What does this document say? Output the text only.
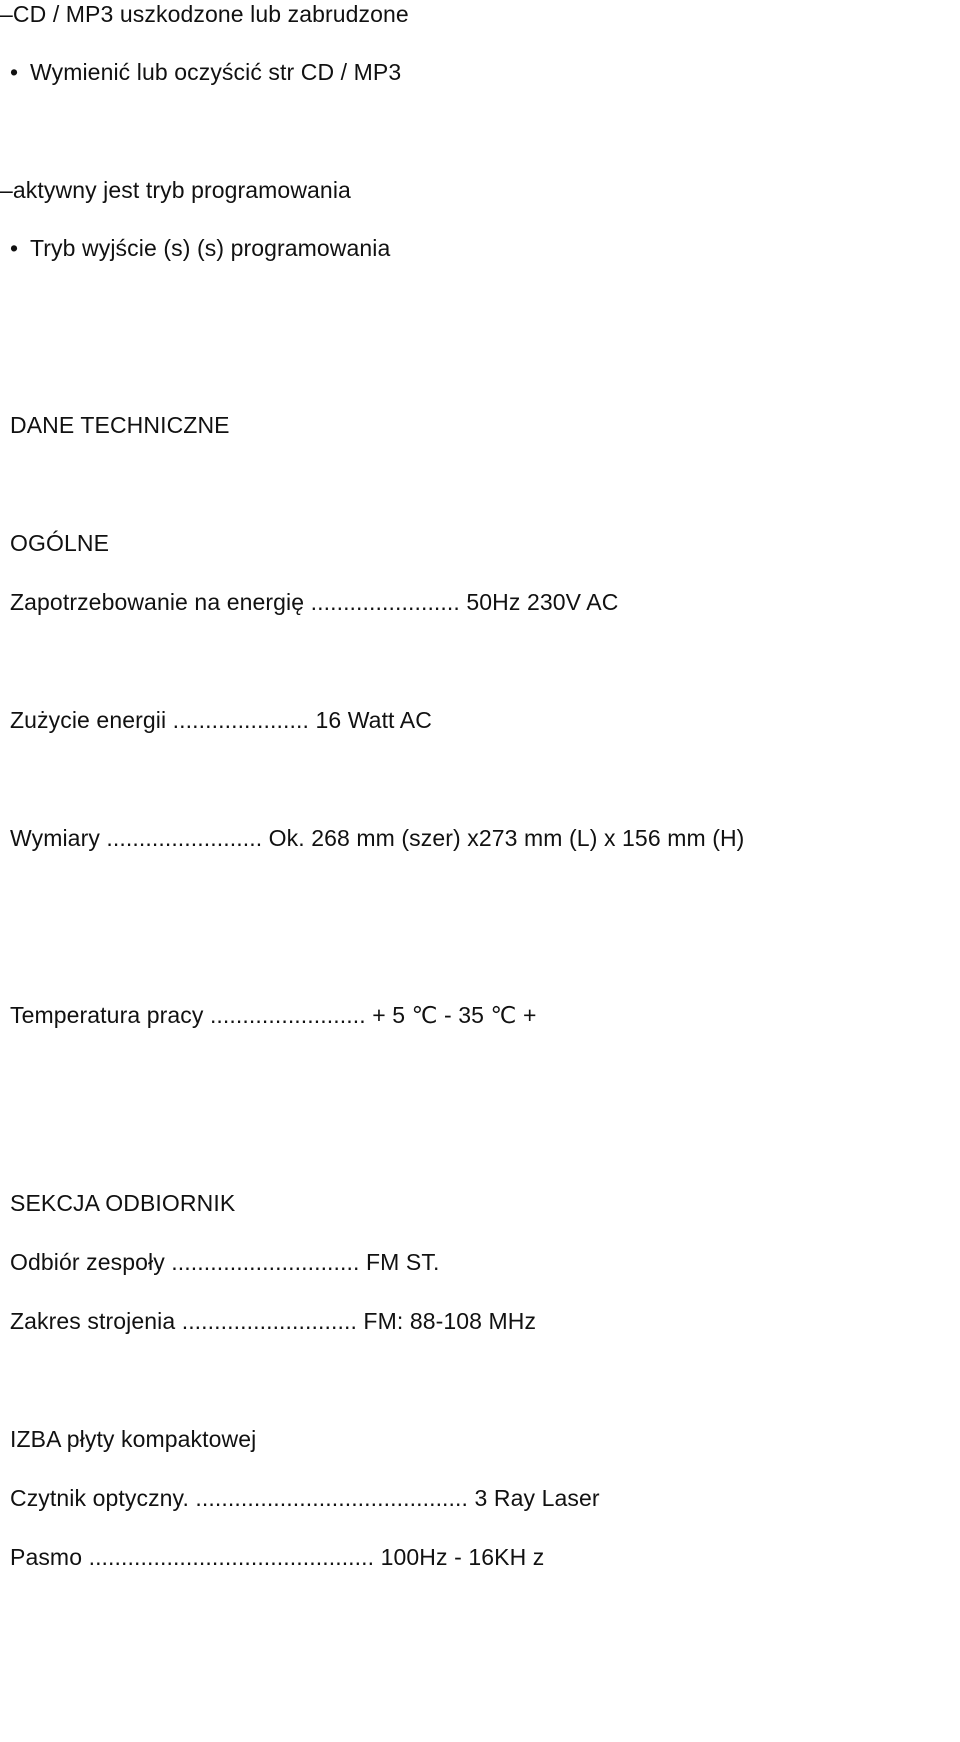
–CD / MP3 uszkodzone lub zabrudzone
• Wymienić lub oczyścić str CD / MP3
–aktywny jest tryb programowania
• Tryb wyjście (s) (s) programowania
DANE TECHNICZNE
OGÓLNE
Zapotrzebowanie na energię ....................... 50Hz 230V AC
Zużycie energii ..................... 16 Watt AC
Wymiary ........................ Ok. 268 mm (szer) x273 mm (L) x 156 mm (H)
Temperatura pracy ........................ + 5 ℃ - 35 ℃ +
SEKCJA ODBIORNIK
Odbiór zespoły ............................. FM ST.
Zakres strojenia ........................... FM: 88-108 MHz
IZBA płyty kompaktowej
Czytnik optyczny. .......................................... 3 Ray Laser
Pasmo ............................................ 100Hz - 16KH z
